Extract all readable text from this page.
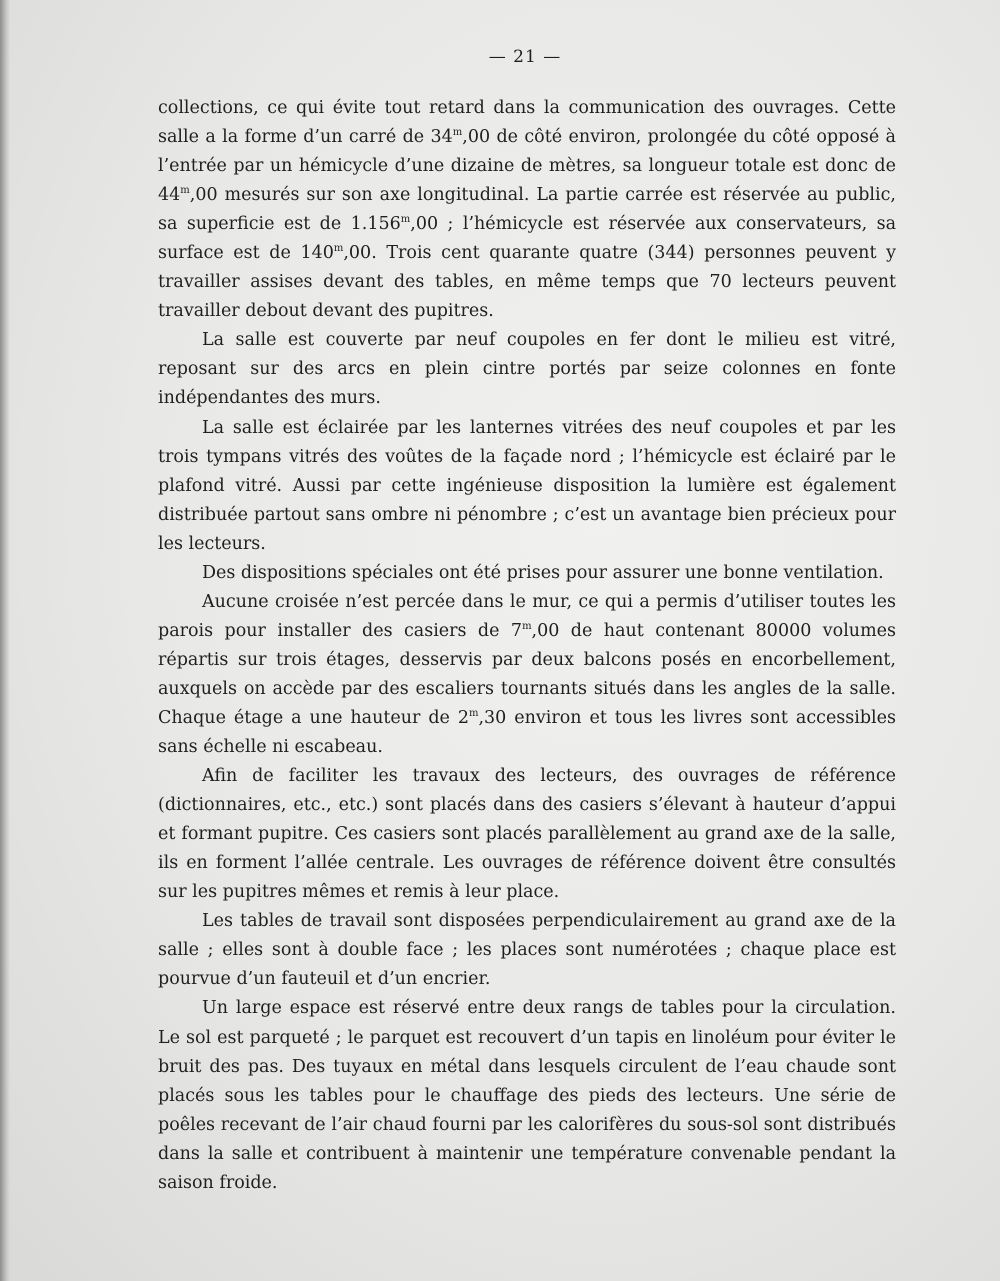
— 21 —

collections, ce qui évite tout retard dans la communication des ouvrages. Cette salle a la forme d’un carré de 34$^m$,00 de côté environ, prolongée du côté opposé à l’entrée par un hémicycle d’une dizaine de mètres, sa longueur totale est donc de 44$^m$,00 mesurés sur son axe longitudinal. La partie carrée est réservée au public, sa superficie est de 1.156$^m$,00 ; l’hémicycle est réservée aux conservateurs, sa surface est de 140$^m$,00. Trois cent quarante quatre (344) personnes peuvent y travailler assises devant des tables, en même temps que 70 lecteurs peuvent travailler debout devant des pupitres.

La salle est couverte par neuf coupoles en fer dont le milieu est vitré, reposant sur des arcs en plein cintre portés par seize colonnes en fonte indépendantes des murs.

La salle est éclairée par les lanternes vitrées des neuf coupoles et par les trois tympans vitrés des voûtes de la façade nord ; l’hémicycle est éclairé par le plafond vitré. Aussi par cette ingénieuse disposition la lumière est également distribuée partout sans ombre ni pénombre ; c’est un avantage bien précieux pour les lecteurs.

Des dispositions spéciales ont été prises pour assurer une bonne ventilation.

Aucune croisée n’est percée dans le mur, ce qui a permis d’utiliser toutes les parois pour installer des casiers de 7$^m$,00 de haut contenant 80000 volumes répartis sur trois étages, desservis par deux balcons posés en encorbellement, auxquels on accède par des escaliers tournants situés dans les angles de la salle. Chaque étage a une hauteur de 2$^m$,30 environ et tous les livres sont accessibles sans échelle ni escabeau.

Afin de faciliter les travaux des lecteurs, des ouvrages de référence (dictionnaires, etc., etc.) sont placés dans des casiers s’élevant à hauteur d’appui et formant pupitre. Ces casiers sont placés parallèlement au grand axe de la salle, ils en forment l’allée centrale. Les ouvrages de référence doivent être consultés sur les pupitres mêmes et remis à leur place.

Les tables de travail sont disposées perpendiculairement au grand axe de la salle ; elles sont à double face ; les places sont numérotées ; chaque place est pourvue d’un fauteuil et d’un encrier.

Un large espace est réservé entre deux rangs de tables pour la circulation. Le sol est parqueté ; le parquet est recouvert d’un tapis en linoléum pour éviter le bruit des pas. Des tuyaux en métal dans lesquels circulent de l’eau chaude sont placés sous les tables pour le chauffage des pieds des lecteurs. Une série de poêles recevant de l’air chaud fourni par les calorifères du sous-sol sont distribués dans la salle et contribuent à maintenir une température convenable pendant la saison froide.
